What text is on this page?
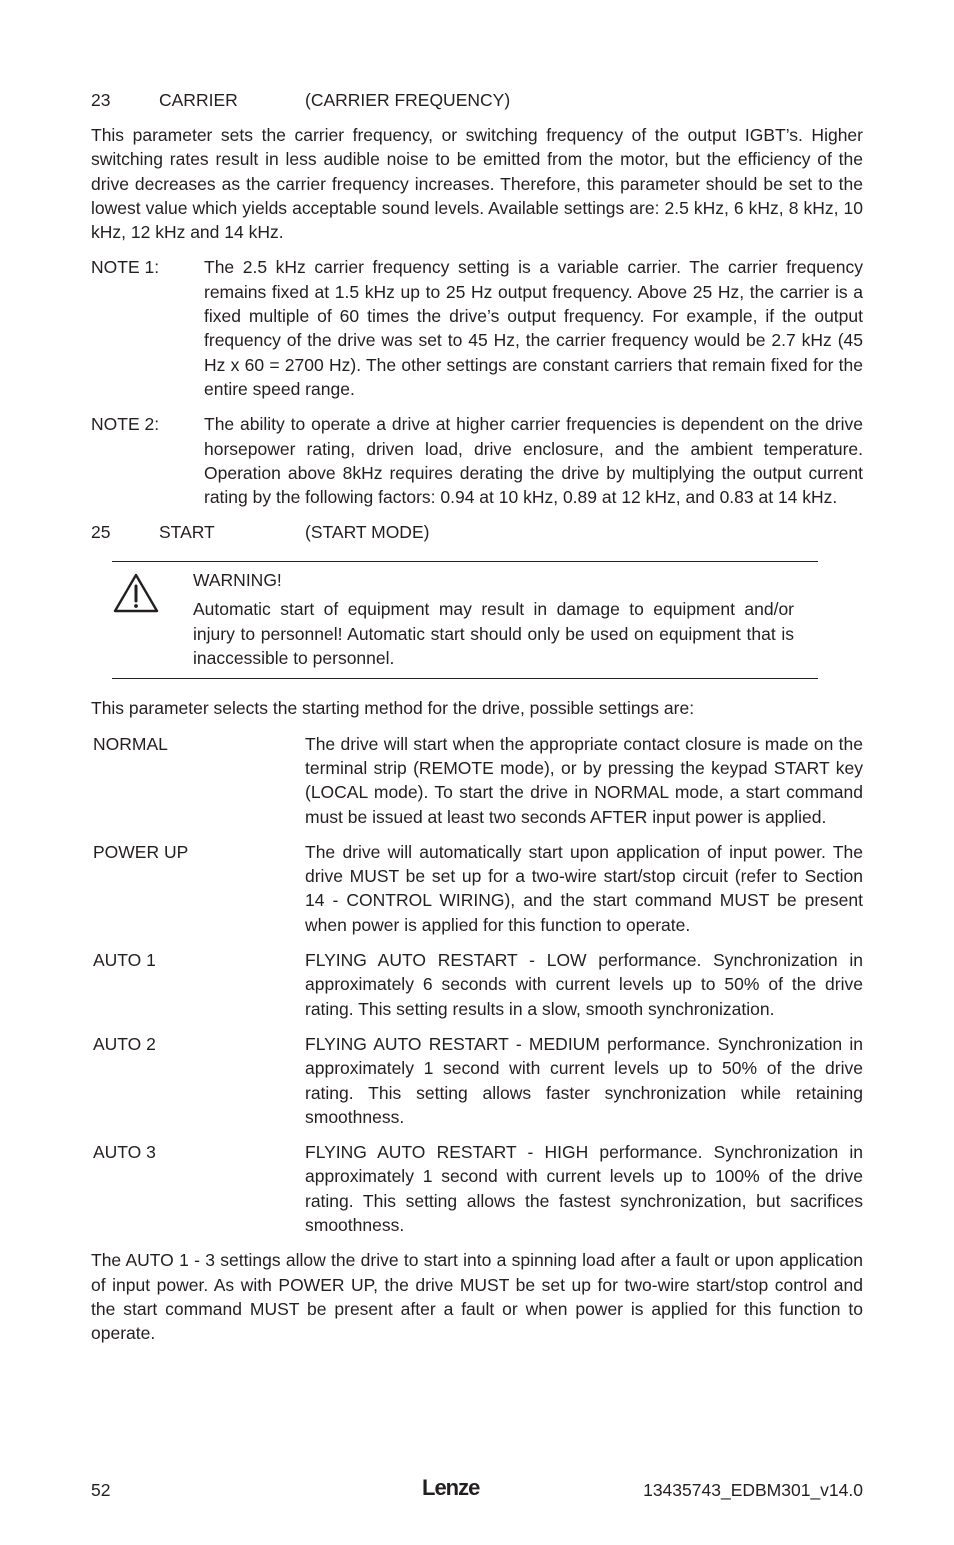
23	CARRIER	(CARRIER FREQUENCY)

This parameter sets the carrier frequency, or switching frequency of the output IGBT’s. Higher switching rates result in less audible noise to be emitted from the motor, but the efficiency of the drive decreases as the carrier frequency increases. Therefore, this parameter should be set to the lowest value which yields acceptable sound levels. Available settings are: 2.5 kHz, 6 kHz, 8 kHz, 10 kHz, 12 kHz and 14 kHz.

NOTE 1:	The 2.5 kHz carrier frequency setting is a variable carrier. The carrier frequency remains fixed at 1.5 kHz up to 25 Hz output frequency. Above 25 Hz, the carrier is a fixed multiple of 60 times the drive’s output frequency. For example, if the output frequency of the drive was set to 45 Hz, the carrier frequency would be 2.7 kHz (45 Hz x 60 = 2700 Hz). The other settings are constant carriers that remain fixed for the entire speed range.

NOTE 2:	The ability to operate a drive at higher carrier frequencies is dependent on the drive horsepower rating, driven load, drive enclosure, and the ambient temperature. Operation above 8kHz requires derating the drive by multiplying the output current rating by the following factors: 0.94 at 10 kHz, 0.89 at 12 kHz, and 0.83 at 14 kHz.

25	START	(START MODE)
WARNING!

Automatic start of equipment may result in damage to equipment and/or injury to personnel! Automatic start should only be used on equipment that is inaccessible to personnel.

This parameter selects the starting method for the drive, possible settings are:

NORMAL	The drive will start when the appropriate contact closure is made on the terminal strip (REMOTE mode), or by pressing the keypad START key (LOCAL mode). To start the drive in NORMAL mode, a start command must be issued at least two seconds AFTER input power is applied.

POWER UP	The drive will automatically start upon application of input power. The drive MUST be set up for a two-wire start/stop circuit (refer to Section 14 - CONTROL WIRING), and the start command MUST be present when power is applied for this function to operate.

AUTO 1	FLYING AUTO RESTART - LOW performance. Synchronization in approximately 6 seconds with current levels up to 50% of the drive rating. This setting results in a slow, smooth synchronization.

AUTO 2	FLYING AUTO RESTART - MEDIUM performance. Synchronization in approximately 1 second with current levels up to 50% of the drive rating. This setting allows faster synchronization while retaining smoothness.

AUTO 3	FLYING AUTO RESTART - HIGH performance. Synchronization in approximately 1 second with current levels up to 100% of the drive rating. This setting allows the fastest synchronization, but sacrifices smoothness.

The AUTO 1 - 3 settings allow the drive to start into a spinning load after a fault or upon application of input power. As with POWER UP, the drive MUST be set up for two-wire start/stop control and the start command MUST be present after a fault or when power is applied for this function to operate.

52	Lenze	13435743_EDBM301_v14.0
